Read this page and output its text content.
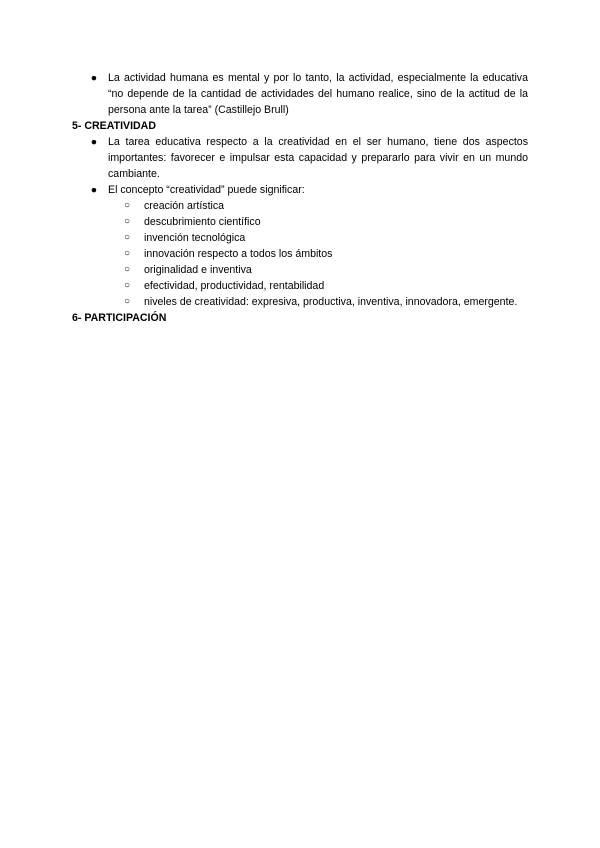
● La actividad humana es mental y por lo tanto, la actividad, especialmente la educativa “no depende de la cantidad de actividades del humano realice, sino de la actitud de la persona ante la tarea” (Castillejo Brull)

5- CREATIVIDAD

● La tarea educativa respecto a la creatividad en el ser humano, tiene dos aspectos importantes: favorecer e impulsar esta capacidad y prepararlo para vivir en un mundo cambiante.
● El concepto “creatividad” puede significar:
○ creación artística
○ descubrimiento científico
○ invención tecnológica
○ innovación respecto a todos los ámbitos
○ originalidad e inventiva
○ efectividad, productividad, rentabilidad
○ niveles de creatividad: expresiva, productiva, inventiva, innovadora, emergente.

6- PARTICIPACIÓN
